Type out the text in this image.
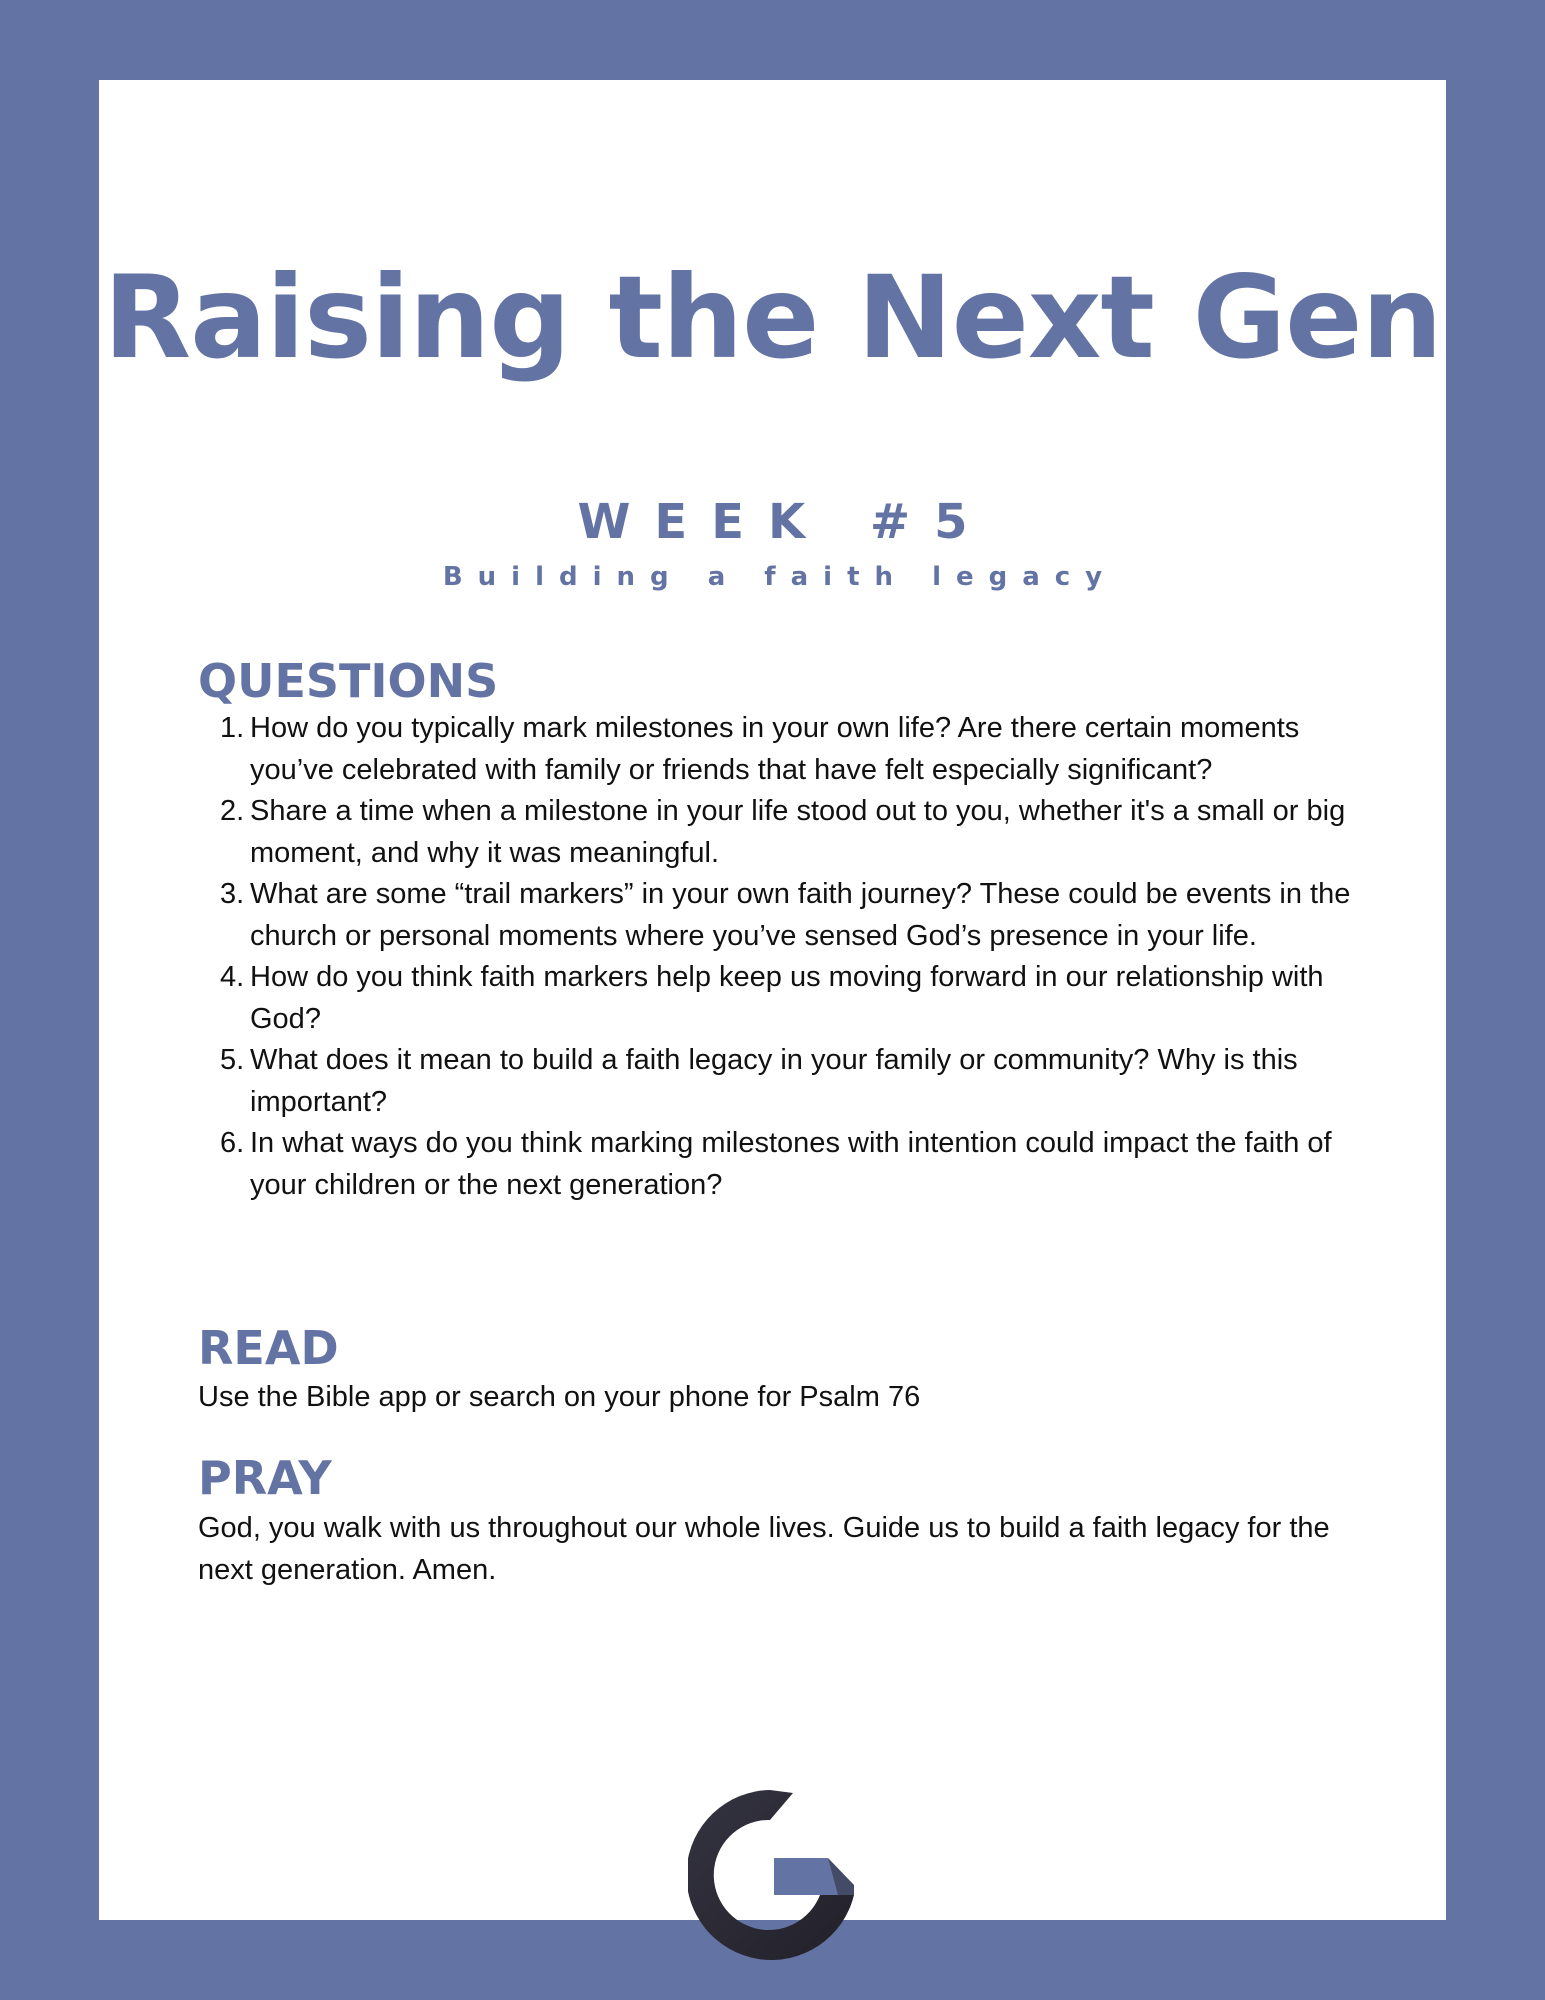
Raising the Next Gen
WEEK #5
Building a faith legacy
QUESTIONS
1. How do you typically mark milestones in your own life? Are there certain moments you’ve celebrated with family or friends that have felt especially significant?
2. Share a time when a milestone in your life stood out to you, whether it's a small or big moment, and why it was meaningful.
3. What are some “trail markers” in your own faith journey? These could be events in the church or personal moments where you’ve sensed God’s presence in your life.
4. How do you think faith markers help keep us moving forward in our relationship with God?
5. What does it mean to build a faith legacy in your family or community? Why is this important?
6. In what ways do you think marking milestones with intention could impact the faith of your children or the next generation?
READ

Use the Bible app or search on your phone for Psalm 76

PRAY

God, you walk with us throughout our whole lives. Guide us to build a faith legacy for the next generation. Amen.
